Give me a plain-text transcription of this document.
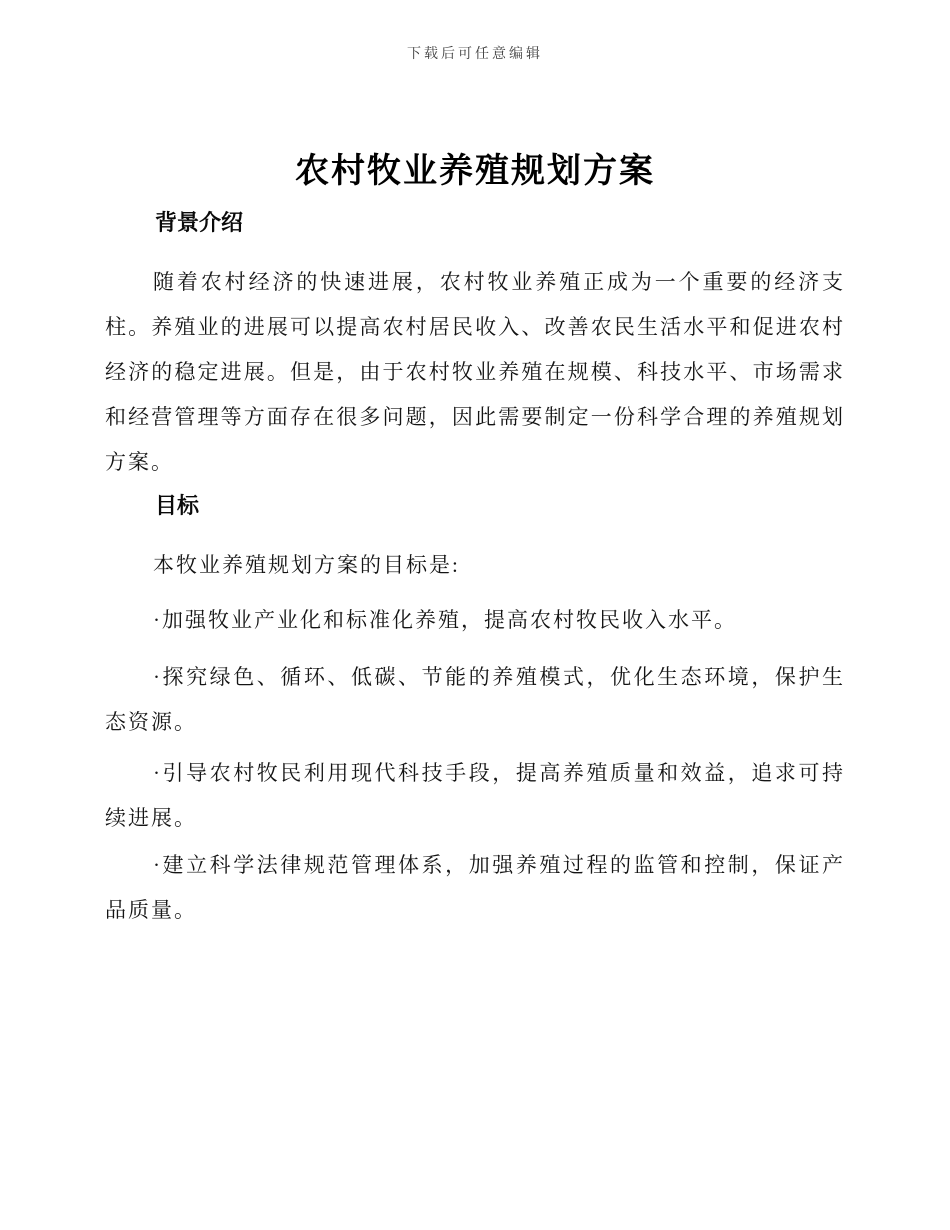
下载后可任意编辑
农村牧业养殖规划方案
背景介绍

随着农村经济的快速进展，农村牧业养殖正成为一个重要的经济支柱。养殖业的进展可以提高农村居民收入、改善农民生活水平和促进农村经济的稳定进展。但是，由于农村牧业养殖在规模、科技水平、市场需求和经营管理等方面存在很多问题，因此需要制定一份科学合理的养殖规划方案。

目标

本牧业养殖规划方案的目标是:

·加强牧业产业化和标准化养殖，提高农村牧民收入水平。

·探究绿色、循环、低碳、节能的养殖模式，优化生态环境，保护生态资源。

·引导农村牧民利用现代科技手段，提高养殖质量和效益，追求可持续进展。

·建立科学法律规范管理体系，加强养殖过程的监管和控制，保证产品质量。
